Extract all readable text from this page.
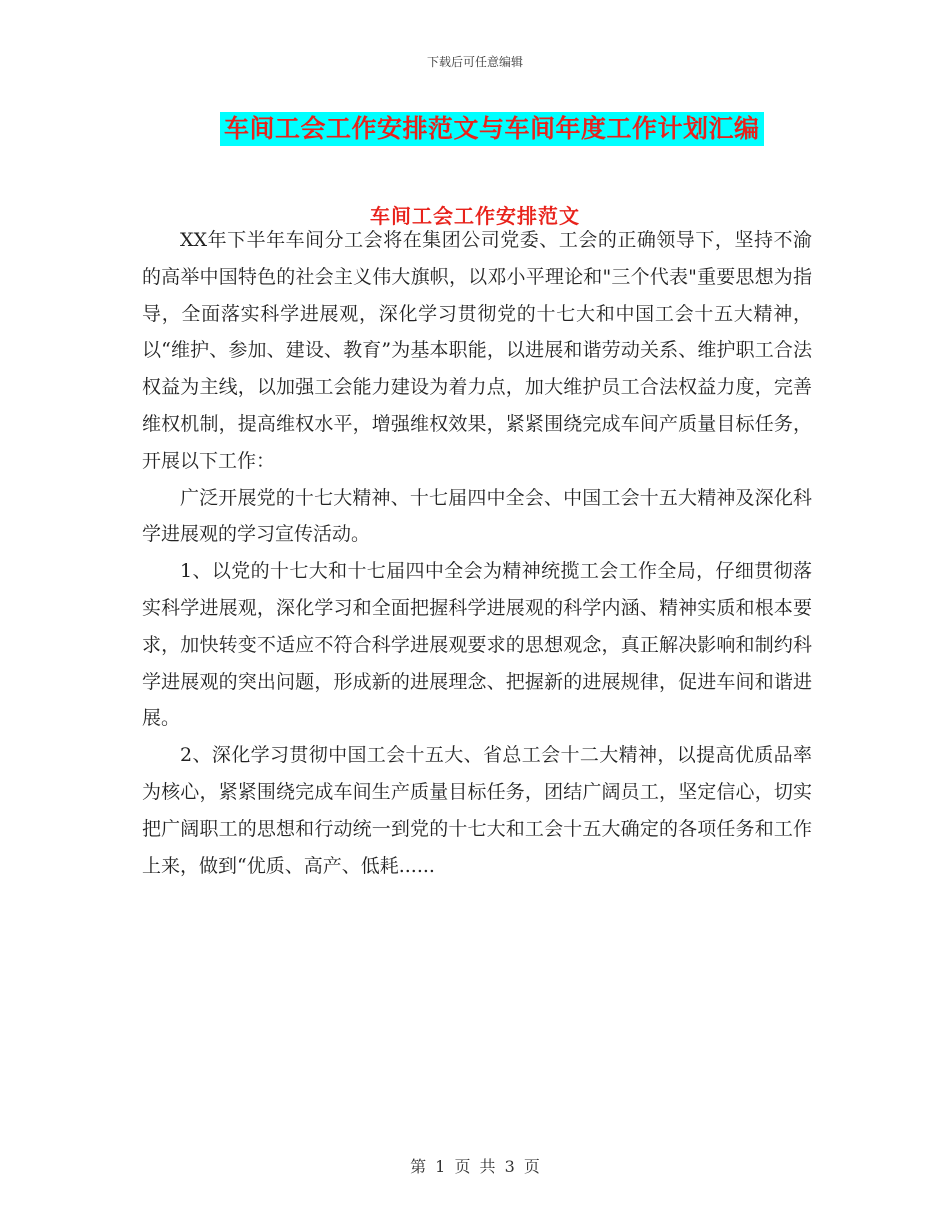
下载后可任意编辑
车间工会工作安排范文与车间年度工作计划汇编
车间工会工作安排范文

XX年下半年车间分工会将在集团公司党委、工会的正确领导下，坚持不渝的高举中国特色的社会主义伟大旗帜，以邓小平理论和"三个代表"重要思想为指导，全面落实科学进展观，深化学习贯彻党的十七大和中国工会十五大精神，以“维护、参加、建设、教育”为基本职能，以进展和谐劳动关系、维护职工合法权益为主线，以加强工会能力建设为着力点，加大维护员工合法权益力度，完善维权机制，提高维权水平，增强维权效果，紧紧围绕完成车间产质量目标任务，开展以下工作：

广泛开展党的十七大精神、十七届四中全会、中国工会十五大精神及深化科学进展观的学习宣传活动。

1、以党的十七大和十七届四中全会为精神统揽工会工作全局，仔细贯彻落实科学进展观，深化学习和全面把握科学进展观的科学内涵、精神实质和根本要求，加快转变不适应不符合科学进展观要求的思想观念，真正解决影响和制约科学进展观的突出问题，形成新的进展理念、把握新的进展规律，促进车间和谐进展。

2、深化学习贯彻中国工会十五大、省总工会十二大精神，以提高优质品率为核心，紧紧围绕完成车间生产质量目标任务，团结广阔员工，坚定信心，切实把广阔职工的思想和行动统一到党的十七大和工会十五大确定的各项任务和工作上来，做到“优质、高产、低耗......

第 1 页 共 3 页
